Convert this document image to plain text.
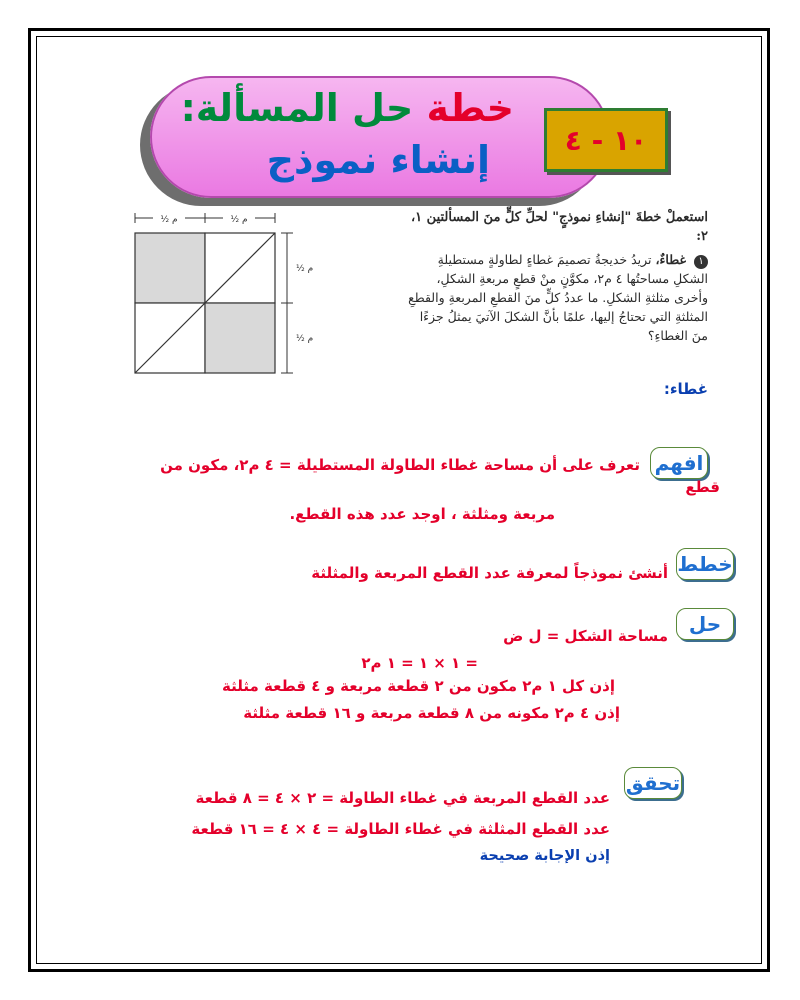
خطة حل المسألة:
إنشاء نموذج	١٠ - ٤
استعملْ خطةَ "إنشاءِ نموذجٍ" لحلِّ كلٍّ منَ المسألتين ١، ٢:
١ غطاءٌ، تريدُ خديجةُ تصميمَ غطاءٍ لطاولةٍ مستطيلةِ الشكلِ مساحتُها ٤ م٢، مكوَّنٍ منْ قطعٍ مربعةِ الشكلِ، وأخرى مثلثةِ الشكلِ. ما عددُ كلٍّ منَ القطعِ المربعةِ والقطعِ المثلثةِ التي تحتاجُ إليها، علمًا بأنَّ الشكلَ الآتيَ يمثلُ جزءًا منَ الغطاءِ؟
غطاء:
½ م	½ م
½ م
½ م
افهم
تعرف على أن مساحة غطاء الطاولة المستطيلة = ٤ م٢، مكون من
قطع
مربعة ومثلثة ، اوجد عدد هذه القطع.
خطط
أنشئ نموذجاً لمعرفة عدد القطع المربعة والمثلثة
حل
مساحة الشكل = ل ض
= ١ × ١ = ١ م٢
إذن كل ١ م٢ مكون من ٢ قطعة مربعة و ٤ قطعة مثلثة
إذن ٤ م٢ مكونه من ٨ قطعة مربعة و ١٦ قطعة مثلثة
تحقق
عدد القطع المربعة في غطاء الطاولة = ٢ × ٤ = ٨ قطعة
عدد القطع المثلثة في غطاء الطاولة = ٤ × ٤ = ١٦ قطعة
إذن الإجابة صحيحة
